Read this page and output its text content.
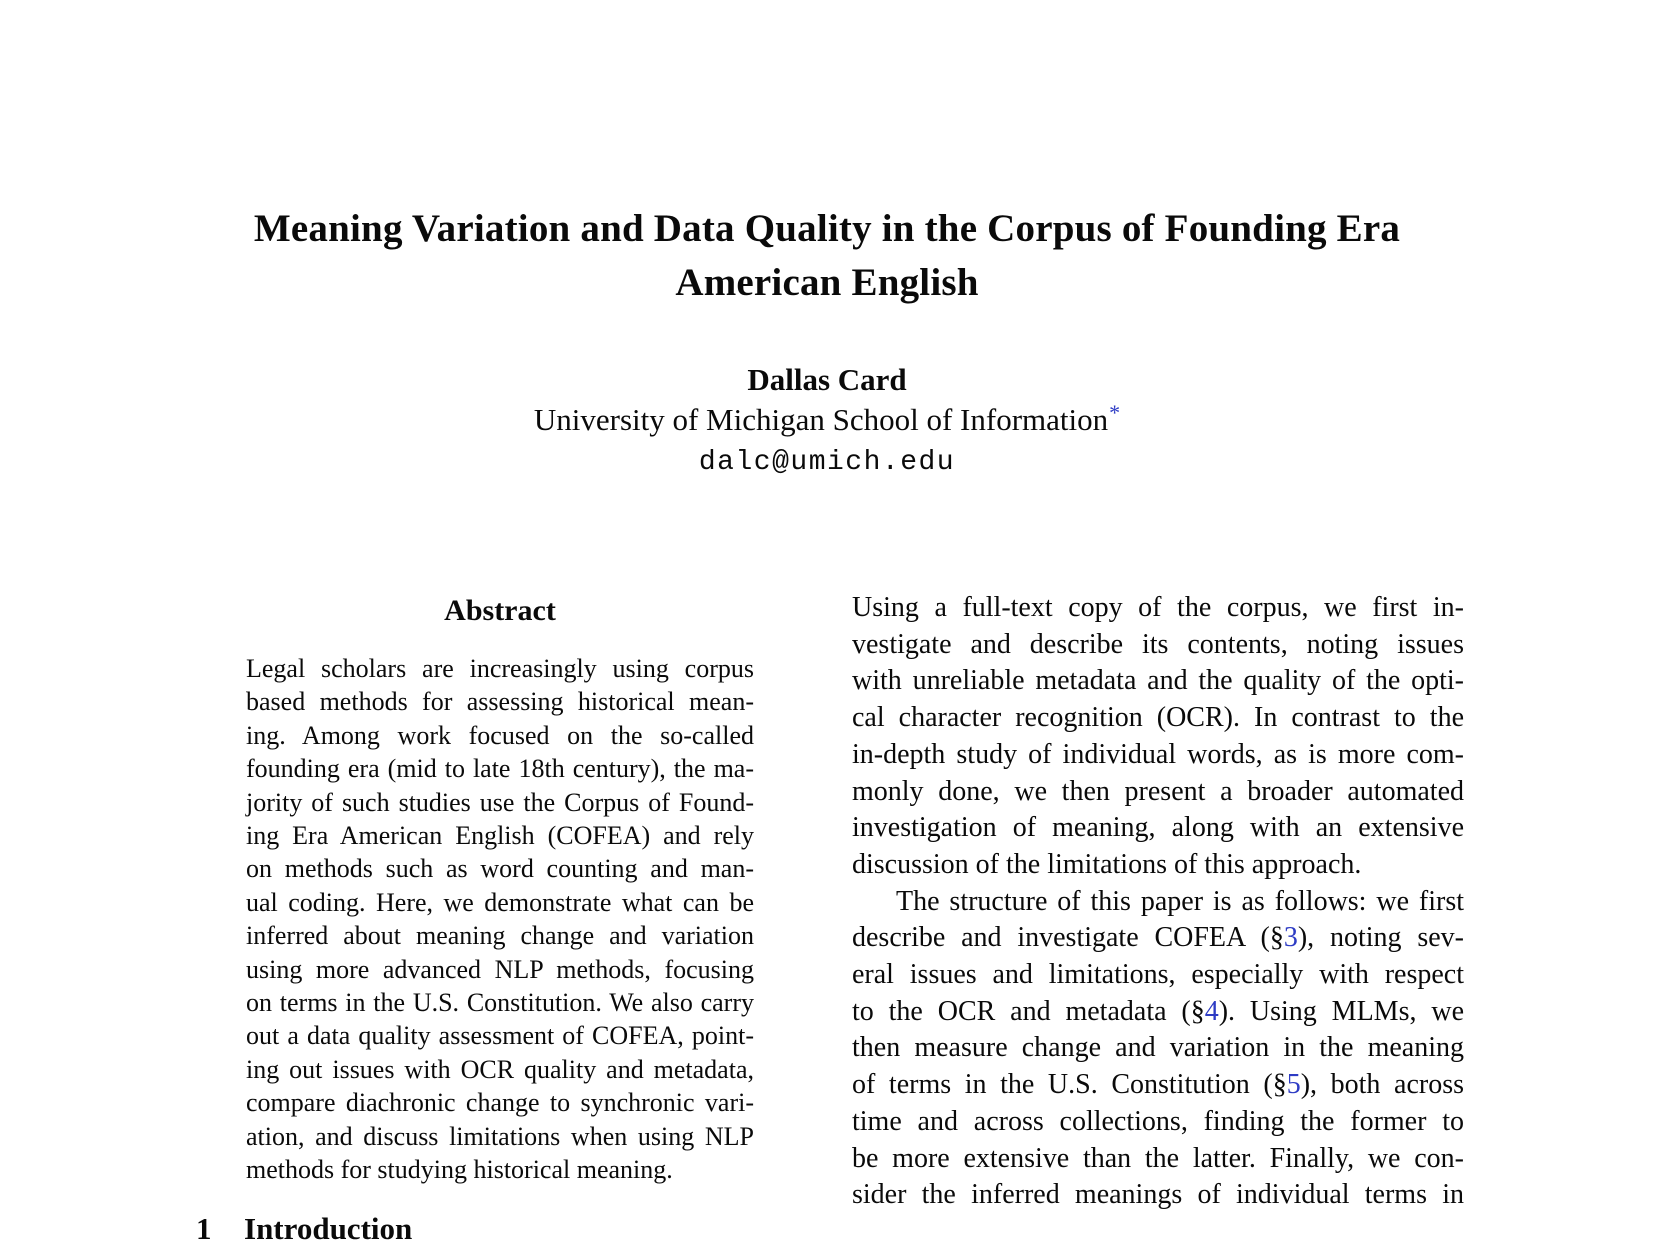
Meaning Variation and Data Quality in the Corpus of Founding Era
American English
Dallas Card
University of Michigan School of Information*
dalc@umich.edu
Abstract
Legal scholars are increasingly using corpus
based methods for assessing historical mean-
ing. Among work focused on the so-called
founding era (mid to late 18th century), the ma-
jority of such studies use the Corpus of Found-
ing Era American English (COFEA) and rely
on methods such as word counting and man-
ual coding. Here, we demonstrate what can be
inferred about meaning change and variation
using more advanced NLP methods, focusing
on terms in the U.S. Constitution. We also carry
out a data quality assessment of COFEA, point-
ing out issues with OCR quality and metadata,
compare diachronic change to synchronic vari-
ation, and discuss limitations when using NLP
methods for studying historical meaning.
1 Introduction
Using a full-text copy of the corpus, we first in-
vestigate and describe its contents, noting issues
with unreliable metadata and the quality of the opti-
cal character recognition (OCR). In contrast to the
in-depth study of individual words, as is more com-
monly done, we then present a broader automated
investigation of meaning, along with an extensive
discussion of the limitations of this approach.
The structure of this paper is as follows: we first
describe and investigate COFEA (§3), noting sev-
eral issues and limitations, especially with respect
to the OCR and metadata (§4). Using MLMs, we
then measure change and variation in the meaning
of terms in the U.S. Constitution (§5), both across
time and across collections, finding the former to
be more extensive than the latter. Finally, we con-
sider the inferred meanings of individual terms in
